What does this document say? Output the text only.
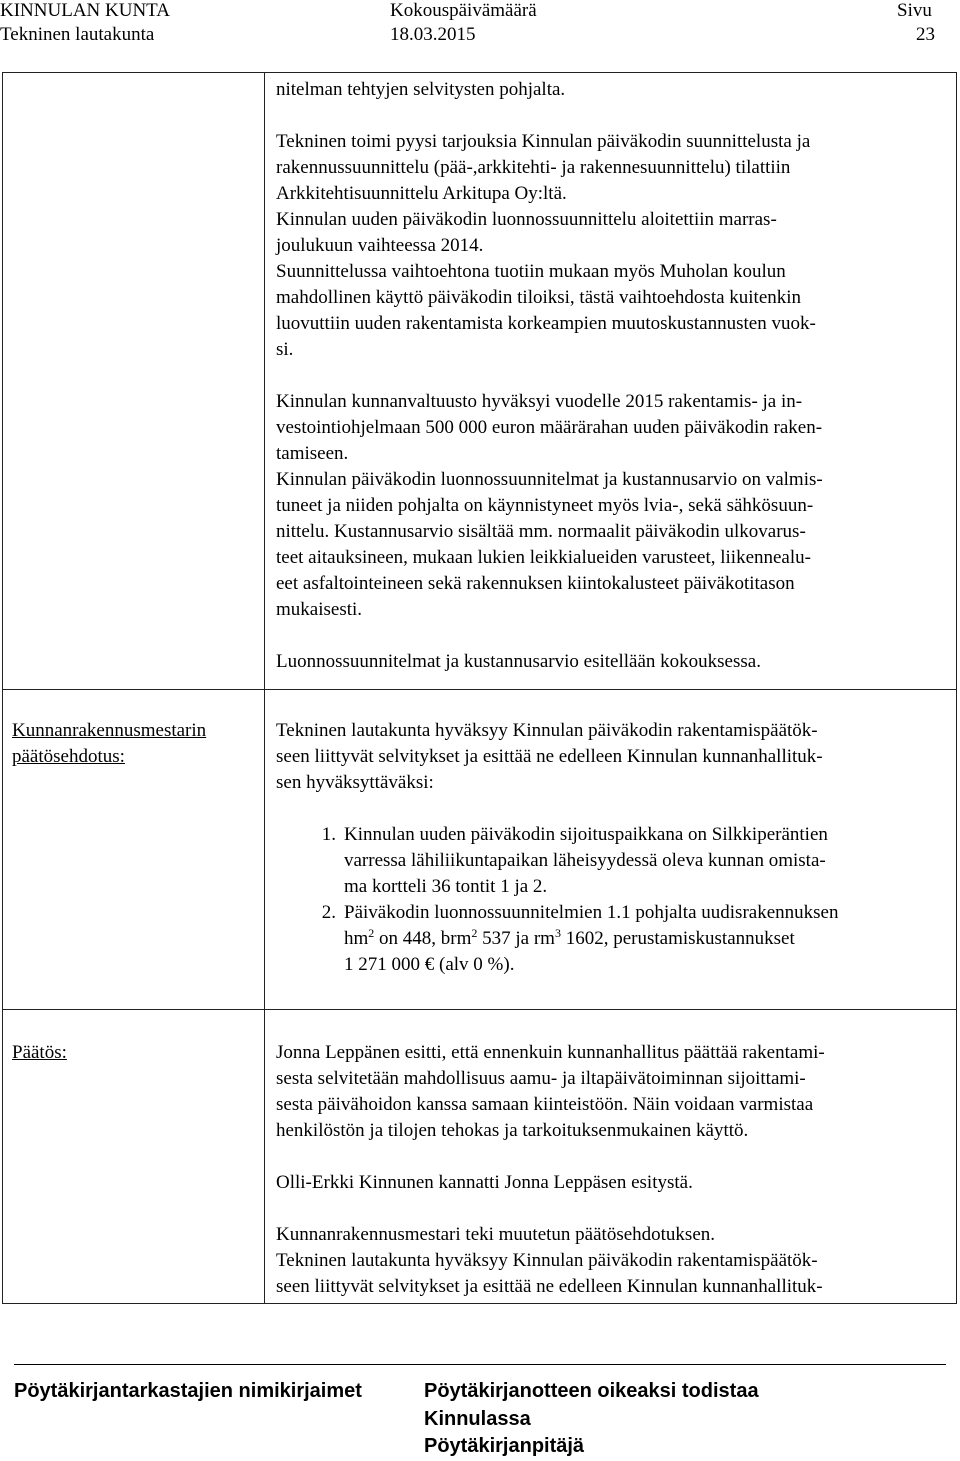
KINNULAN KUNTA
Tekninen lautakunta
Kokouspäivämäärä
18.03.2015
Sivu
23

nitelman tehtyjen selvitysten pohjalta.

Tekninen toimi pyysi tarjouksia Kinnulan päiväkodin suunnittelusta ja

rakennussuunnittelu (pää-,arkkitehti- ja rakennesuunnittelu) tilattiin

Arkkitehtisuunnittelu Arkitupa Oy:ltä.

Kinnulan uuden päiväkodin luonnossuunnittelu aloitettiin marras-

joulukuun vaihteessa 2014.

Suunnittelussa vaihtoehtona tuotiin mukaan myös Muholan koulun

mahdollinen käyttö päiväkodin tiloiksi, tästä vaihtoehdosta kuitenkin

luovuttiin uuden rakentamista korkeampien muutoskustannusten vuok-

si.

Kinnulan kunnanvaltuusto hyväksyi vuodelle 2015 rakentamis- ja in-

vestointiohjelmaan 500 000 euron määrärahan uuden päiväkodin raken-

tamiseen.

Kinnulan päiväkodin luonnossuunnitelmat ja kustannusarvio on valmis-

tuneet ja niiden pohjalta on käynnistyneet myös lvia-, sekä sähkösuun-

nittelu. Kustannusarvio sisältää mm. normaalit päiväkodin ulkovarus-

teet aitauksineen, mukaan lukien leikkialueiden varusteet, liikennealu-

eet asfaltointeineen sekä rakennuksen kiintokalusteet päiväkotitason

mukaisesti.

Luonnossuunnitelmat ja kustannusarvio esitellään kokouksessa.

Kunnanrakennusmestarin
päätösehdotus:

Tekninen lautakunta hyväksyy Kinnulan päiväkodin rakentamispäätök-

seen liittyvät selvitykset ja esittää ne edelleen Kinnulan kunnanhallituk-

sen hyväksyttäväksi:

1. Kinnulan uuden päiväkodin sijoituspaikkana on Silkkiperäntien

varressa lähiliikuntapaikan läheisyydessä oleva kunnan omista-

ma kortteli 36 tontit 1 ja 2.

2. Päiväkodin luonnossuunnitelmien 1.1 pohjalta uudisrakennuksen

$hm^2$ on 448, brm$^2$ 537 ja $rm^3$ 1602, perustamiskustannukset

1 271 000 € (alv 0 %).

Päätös:	Jonna Leppänen esitti, että ennenkuin kunnanhallitus päättää rakentami-

sesta selvitetään mahdollisuus aamu- ja iltapäivätoiminnan sijoittami-

sesta päivähoidon kanssa samaan kiinteistöön. Näin voidaan varmistaa

henkilöstön ja tilojen tehokas ja tarkoituksenmukainen käyttö.

Olli-Erkki Kinnunen kannatti Jonna Leppäsen esitystä.

Kunnanrakennusmestari teki muutetun päätösehdotuksen.

Tekninen lautakunta hyväksyy Kinnulan päiväkodin rakentamispäätök-

seen liittyvät selvitykset ja esittää ne edelleen Kinnulan kunnanhallituk-

Pöytäkirjantarkastajien nimikirjaimet	Pöytäkirjanotteen oikeaksi todistaa
Kinnulassa
Pöytäkirjanpitäjä
